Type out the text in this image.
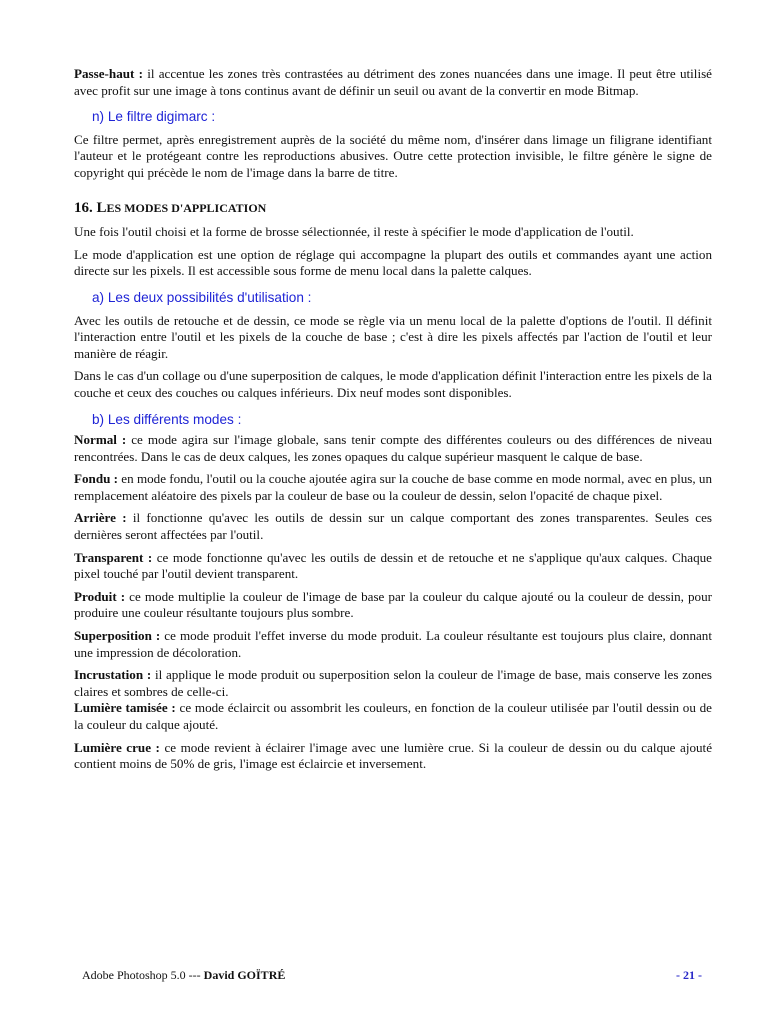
Passe-haut : il accentue les zones très contrastées au détriment des zones nuancées dans une image. Il peut être utilisé avec profit sur une image à tons continus avant de définir un seuil ou avant de la convertir en mode Bitmap.

n) Le filtre digimarc :

Ce filtre permet, après enregistrement auprès de la société du même nom, d'insérer dans limage un filigrane identifiant l'auteur et le protégeant contre les reproductions abusives. Outre cette protection invisible, le filtre génère le signe de copyright qui précède le nom de l'image dans la barre de titre.

16. LES MODES D'APPLICATION

Une fois l'outil choisi et la forme de brosse sélectionnée, il reste à spécifier le mode d'application de l'outil.

Le mode d'application est une option de réglage qui accompagne la plupart des outils et commandes ayant une action directe sur les pixels. Il est accessible sous forme de menu local dans la palette calques.

a) Les deux possibilités d'utilisation :

Avec les outils de retouche et de dessin, ce mode se règle via un menu local de la palette d'options de l'outil. Il définit l'interaction entre l'outil et les pixels de la couche de base ; c'est à dire les pixels affectés par l'action de l'outil et leur manière de réagir.

Dans le cas d'un collage ou d'une superposition de calques, le mode d'application définit l'interaction entre les pixels de la couche et ceux des couches ou calques inférieurs. Dix neuf modes sont disponibles.

b) Les différents modes :

Normal : ce mode agira sur l'image globale, sans tenir compte des différentes couleurs ou des différences de niveau rencontrées. Dans le cas de deux calques, les zones opaques du calque supérieur masquent le calque de base.

Fondu : en mode fondu, l'outil ou la couche ajoutée agira sur la couche de base comme en mode normal, avec en plus, un remplacement aléatoire des pixels par la couleur de base ou la couleur de dessin, selon l'opacité de chaque pixel.

Arrière : il fonctionne qu'avec les outils de dessin sur un calque comportant des zones transparentes. Seules ces dernières seront affectées par l'outil.

Transparent : ce mode fonctionne qu'avec les outils de dessin et de retouche et ne s'applique qu'aux calques. Chaque pixel touché par l'outil devient transparent.

Produit : ce mode multiplie la couleur de l'image de base par la couleur du calque ajouté ou la couleur de dessin, pour produire une couleur résultante toujours plus sombre.

Superposition : ce mode produit l'effet inverse du mode produit. La couleur résultante est toujours plus claire, donnant une impression de décoloration.

Incrustation : il applique le mode produit ou superposition selon la couleur de l'image de base, mais conserve les zones claires et sombres de celle-ci.

Lumière tamisée : ce mode éclaircit ou assombrit les couleurs, en fonction de la couleur utilisée par l'outil dessin ou de la couleur du calque ajouté.

Lumière crue : ce mode revient à éclairer l'image avec une lumière crue. Si la couleur de dessin ou du calque ajouté contient moins de 50% de gris, l'image est éclaircie et inversement.

Adobe Photoshop 5.0 --- David GOÏTRÉ	- 21 -
